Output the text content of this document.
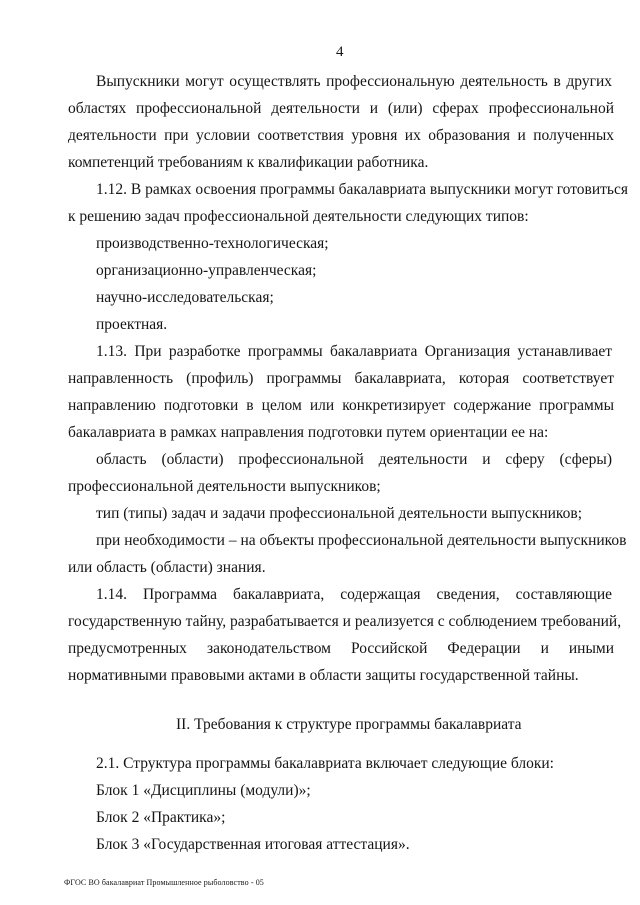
4
Выпускники могут осуществлять профессиональную деятельность в других
областях профессиональной деятельности и (или) сферах профессиональной
деятельности при условии соответствия уровня их образования и полученных
компетенций требованиям к квалификации работника.
1.12. В рамках освоения программы бакалавриата выпускники могут готовиться
к решению задач профессиональной деятельности следующих типов:
производственно-технологическая;
организационно-управленческая;
научно-исследовательская;
проектная.
1.13. При разработке программы бакалавриата Организация устанавливает
направленность (профиль) программы бакалавриата, которая соответствует
направлению подготовки в целом или конкретизирует содержание программы
бакалавриата в рамках направления подготовки путем ориентации ее на:
область (области) профессиональной деятельности и сферу (сферы)
профессиональной деятельности выпускников;
тип (типы) задач и задачи профессиональной деятельности выпускников;
при необходимости – на объекты профессиональной деятельности выпускников
или область (области) знания.
1.14. Программа бакалавриата, содержащая сведения, составляющие
государственную тайну, разрабатывается и реализуется с соблюдением требований,
предусмотренных законодательством Российской Федерации и иными
нормативными правовыми актами в области защиты государственной тайны.
II. Требования к структуре программы бакалавриата
2.1. Структура программы бакалавриата включает следующие блоки:
Блок 1 «Дисциплины (модули)»;
Блок 2 «Практика»;
Блок 3 «Государственная итоговая аттестация».
ФГОС ВО бакалавриат Промышленное рыболовство - 05
